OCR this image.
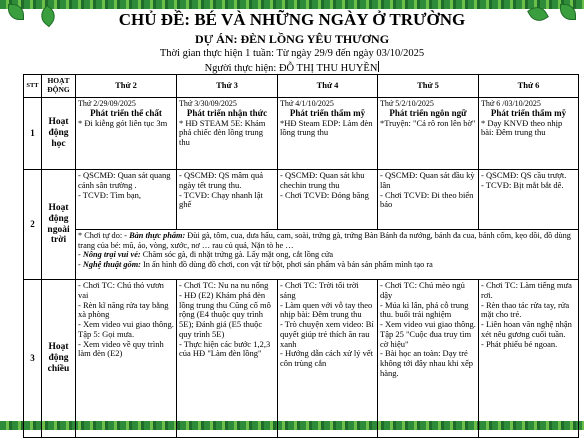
CHỦ ĐỀ: BÉ VÀ NHỮNG NGÀY Ở TRƯỜNG
DỰ ÁN: ĐÈN LỒNG YÊU THƯƠNG
Thời gian thực hiện 1 tuần: Từ ngày 29/9 đến ngày 03/10/2025
Người thực hiện: ĐỖ THỊ THU HUYỀN
STT	HOẠT ĐỘNG	Thứ 2	Thứ 3	Thứ 4	Thứ 5	Thứ 6
1	Hoạt động học	Thứ 2/29/09/2025
Phát triển thể chất
* Đi kiễng gót liên tục 3m	Thứ 3/30/09/2025
Phát triển nhận thức
* HĐ STEAM 5E: Khám phá chiếc đèn lồng trung thu	Thứ 4/1/10/2025
Phát triển thẩm mỹ
*HĐ Steam EDP: Làm đèn lồng trung thu	Thứ 5/2/10/2025
Phát triển ngôn ngữ
*Truyện: "Cả rô ron lên bờ"	Thứ 6 /03/10/2025
Phát triển thẩm mỹ
* Dạy KNVĐ theo nhịp bài: Đêm trung thu

2	Hoạt động ngoài trời	- QSCMĐ: Quan sát quang cảnh sân trường .
- TCVĐ: Tìm bạn,	- QSCMĐ: QS mâm quả ngày tết trung thu.
- TCVĐ: Chạy nhanh lật ghế	- QSCMĐ: Quan sát khu chechin trung thu
- Chơi TCVĐ: Đóng băng	- QSCMĐ: Quan sát đầu kỳ lân
- Chơi TCVĐ: Đi theo biển báo	- QSCMĐ: QS cầu trượt.
- TCVĐ: Bịt mắt bắt dê.

		* Chơi tự do: - Bàn thực phẩm: Đùi gà, tôm, cua, dưa hấu, cam, soài, trứng gà, trứng Bàn Bánh đa nướng, bánh đa cua, bánh cốm, kẹo dồi, đồ dùng trang của bé: mũ, áo, vòng, xước, nơ … rau củ quả, Nặn tò he …
- Nông trại vui vẻ: Chăm sóc gà, đi nhặt trứng gà. Lấy mặt ong, cắt lồng cửa
- Nghệ thuật gốm: In ấn hình đồ dùng đồ chơi, con vật từ bột, phơi sản phẩm và bán sản phẩm mình tạo ra				

3	Hoạt động chiều	- Chơi TC: Chú thỏ vươn vai
- Rèn kĩ năng rửa tay bằng xà phòng
- Xem video vui giao thông. Tập 5: Gọi mưa.
- Xem video về quy trình làm đèn (E2)	- Chơi TC: Nu na nu nống
- HĐ (E2) Khám phá đèn lồng trung thu Cũng cố mô rộng (E4 thuộc quy trình 5E); Đánh giá (E5 thuộc quy trình 5E)
- Thực hiện các bước 1,2,3 của HĐ "Làm đèn lồng"	- Chơi TC: Trời tối trời sáng
- Làm quen với vỗ tay theo nhịp bài: Đêm trung thu
- Trò chuyện xem video: Bí quyết giúp trẻ thích ăn rau xanh
- Hướng dẫn cách xử lý vết côn trùng cắn	- Chơi TC: Chú mèo ngủ dậy
- Múa kì lân, phá cỗ trung thu. buổi trải nghiệm
- Xem video vui giao thông. Tập 25 "Cuộc đua truy tìm cờ hiệu"
- Bài học an toàn: Dạy trẻ không tới đây nhau khi xếp hàng.	- Chơi TC: Làm tiếng mưa rơi.
- Rèn thao tác rửa tay, rửa mặt cho trẻ.
- Liên hoan văn nghệ nhận xét nêu gương cuối tuần.
- Phát phiếu bé ngoan.
